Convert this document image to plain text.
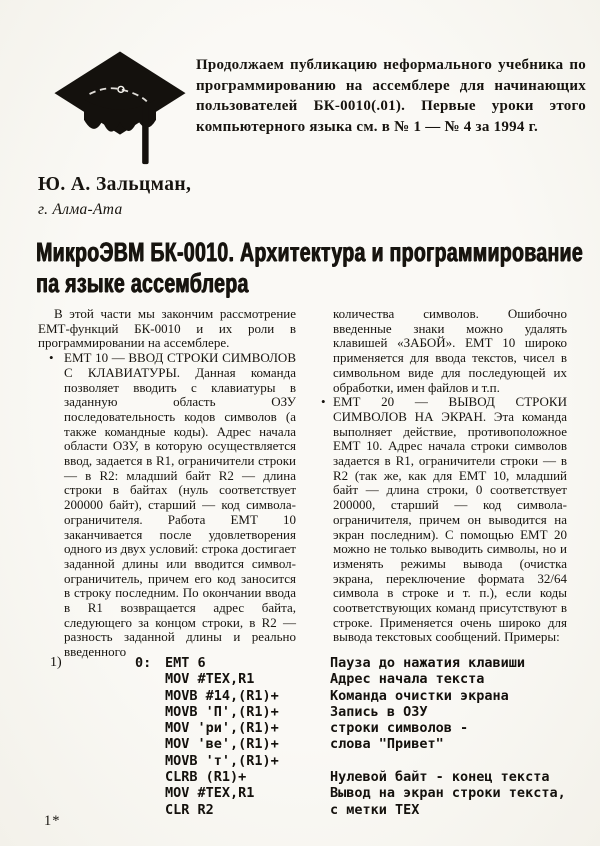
Продолжаем публикацию неформального учебника по программированию на ассемблере для начинающих пользователей БК-0010(.01). Первые уроки этого компьютерного языка см. в № 1 — № 4 за 1994 г.

Ю. А. Зальцман,
г. Алма-Ата
МикроЭВМ БК-0010. Архитектура и программирование
па языке ассемблера

В этой части мы закончим рассмотрение ЕМТ-функций БК-0010 и их роли в программировании на ассемблере.

• ЕМТ 10 — ВВОД СТРОКИ СИМВОЛОВ С КЛАВИАТУРЫ. Данная команда позволяет вводить с клавиатуры в заданную область ОЗУ последовательность кодов символов (а также командные коды). Адрес начала области ОЗУ, в которую осуществляется ввод, задается в R1, ограничители строки — в R2: младший байт R2 — длина строки в байтах (нуль соответствует 200000 байт), старший — код символа-ограничителя. Работа ЕМТ 10 заканчивается после удовлетворения одного из двух условий: строка достигает заданной длины или вводится символ-ограничитель, причем его код заносится в строку последним. По окончании ввода в R1 возвращается адрес байта, следующего за концом строки, в R2 — разность заданной длины и реально введенного

количества символов. Ошибочно введенные знаки можно удалять клавишей «ЗАБОЙ». ЕМТ 10 широко применяется для ввода текстов, чисел в символьном виде для последующей их обработки, имен файлов и т.п.

• ЕМТ 20 — ВЫВОД СТРОКИ СИМВОЛОВ НА ЭКРАН. Эта команда выполняет действие, противоположное ЕМТ 10. Адрес начала строки символов задается в R1, ограничители строки — в R2 (так же, как для ЕМТ 10, младший байт — длина строки, 0 соответствует 200000, старший — код символа-ограничителя, причем он выводится на экран последним). С помощью ЕМТ 20 можно не только выводить символы, но и изменять режимы вывода (очистка экрана, переключение формата 32/64 символа в строке и т. п.), если коды соответствующих команд присутствуют в строке. Применяется очень широко для вывода текстовых сообщений. Примеры:
1)	0:	EMT 6	Пауза до нажатия клавиши
MOV #TEX,R1	Адрес начала текста
MOVB #14,(R1)+	Команда очистки экрана
MOVB 'П',(R1)+	Запись в ОЗУ
MOV 'ри',(R1)+	строки символов -
MOV 'ве',(R1)+	слова "Привет"
MOVB 'т',(R1)+
CLRB (R1)+	Нулевой байт - конец текста
MOV #TEX,R1	Вывод на экран строки текста,
CLR R2	с метки ТЕХ
1*
